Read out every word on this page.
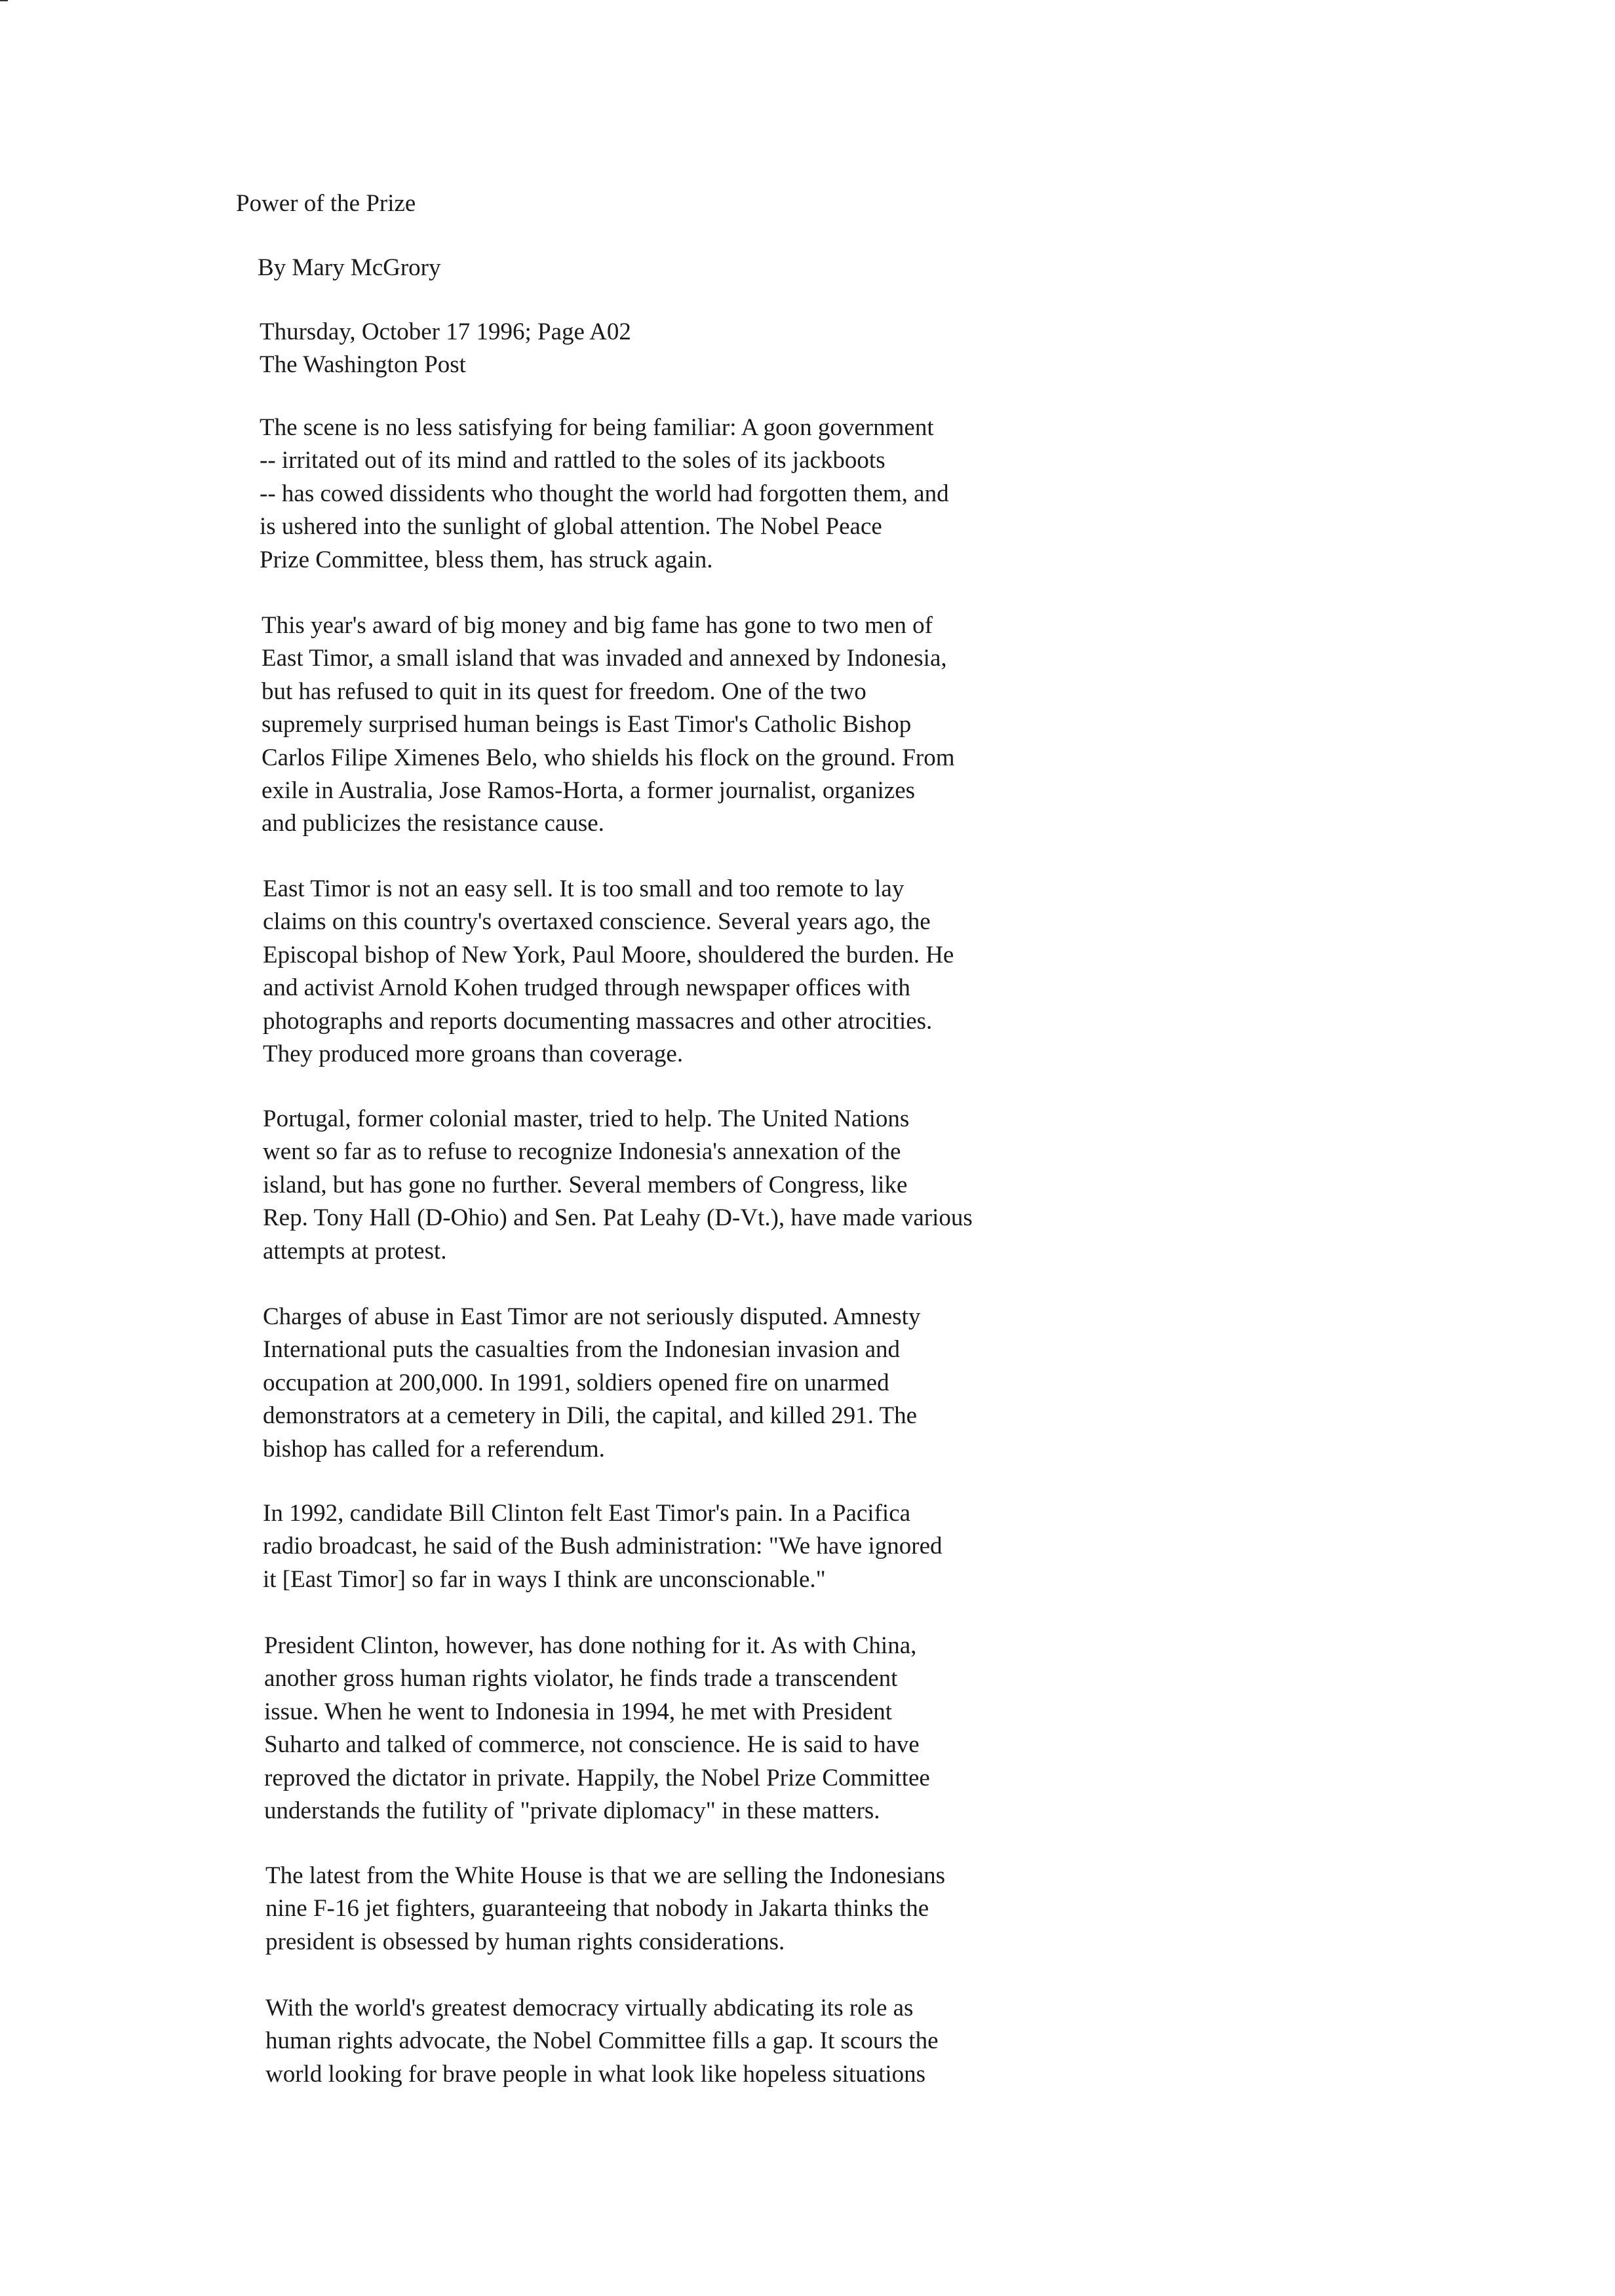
Power of the Prize
By Mary McGrory
Thursday, October 17 1996; Page A02
The Washington Post
The scene is no less satisfying for being familiar: A goon government
-- irritated out of its mind and rattled to the soles of its jackboots
-- has cowed dissidents who thought the world had forgotten them, and
is ushered into the sunlight of global attention. The Nobel Peace
Prize Committee, bless them, has struck again.
This year's award of big money and big fame has gone to two men of
East Timor, a small island that was invaded and annexed by Indonesia,
but has refused to quit in its quest for freedom. One of the two
supremely surprised human beings is East Timor's Catholic Bishop
Carlos Filipe Ximenes Belo, who shields his flock on the ground. From
exile in Australia, Jose Ramos-Horta, a former journalist, organizes
and publicizes the resistance cause.
East Timor is not an easy sell. It is too small and too remote to lay
claims on this country's overtaxed conscience. Several years ago, the
Episcopal bishop of New York, Paul Moore, shouldered the burden. He
and activist Arnold Kohen trudged through newspaper offices with
photographs and reports documenting massacres and other atrocities.
They produced more groans than coverage.
Portugal, former colonial master, tried to help. The United Nations
went so far as to refuse to recognize Indonesia's annexation of the
island, but has gone no further. Several members of Congress, like
Rep. Tony Hall (D-Ohio) and Sen. Pat Leahy (D-Vt.), have made various
attempts at protest.
Charges of abuse in East Timor are not seriously disputed. Amnesty
International puts the casualties from the Indonesian invasion and
occupation at 200,000. In 1991, soldiers opened fire on unarmed
demonstrators at a cemetery in Dili, the capital, and killed 291. The
bishop has called for a referendum.
In 1992, candidate Bill Clinton felt East Timor's pain. In a Pacifica
radio broadcast, he said of the Bush administration: "We have ignored
it [East Timor] so far in ways I think are unconscionable."
President Clinton, however, has done nothing for it. As with China,
another gross human rights violator, he finds trade a transcendent
issue. When he went to Indonesia in 1994, he met with President
Suharto and talked of commerce, not conscience. He is said to have
reproved the dictator in private. Happily, the Nobel Prize Committee
understands the futility of "private diplomacy" in these matters.
The latest from the White House is that we are selling the Indonesians
nine F-16 jet fighters, guaranteeing that nobody in Jakarta thinks the
president is obsessed by human rights considerations.
With the world's greatest democracy virtually abdicating its role as
human rights advocate, the Nobel Committee fills a gap. It scours the
world looking for brave people in what look like hopeless situations
